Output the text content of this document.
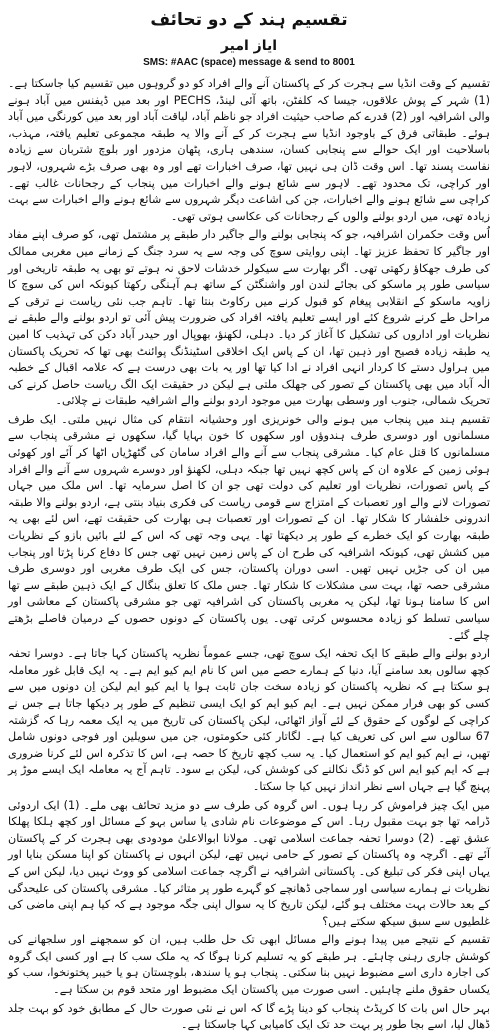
تقسیم ہند کے دو تحائف
ایاز امیر
SMS: #AAC (space) message & send to 8001

تقسیم کے وقت انڈیا سے ہجرت کر کے پاکستان آنے والے افراد کو دو گروہوں میں تقسیم کیا جاسکتا ہے۔ (1) شہر کے پوش علاقوں، جیسا کہ کلفٹن، باتھ آئی لینڈ، PECHS اور بعد میں ڈیفنس میں آباد ہونے والی اشرافیہ اور (2) قدرے کم صاحب حیثیت افراد جو ناظم آباد، لیاقت آباد اور بعد میں کورنگی میں آباد ہوئے۔ طبقاتی فرق کے باوجود انڈیا سے ہجرت کر کے آنے والا یہ طبقہ مجموعی تعلیم یافتہ، مہذب، باسلاحیت اور ایک حوالے سے پنجابی کسان، سندھی ہاری، پٹھان مزدور اور بلوچ شتربان سے زیادہ نفاست پسند تھا۔ اس وقت ڈان ہی نہیں تھا، صرف اخبارات تھے اور وہ بھی صرف بڑے شہروں، لاہور اور کراچی، تک محدود تھے۔ لاہور سے شائع ہونے والے اخبارات میں پنجاب کے رجحانات غالب تھے۔ کراچی سے شائع ہونے والے اخبارات، جن کی اشاعت دیگر شہروں سے شائع ہونے والے اخبارات سے بہت زیادہ تھی، میں اردو بولنے والوں کے رجحانات کی عکاسی ہوتی تھی۔

اُس وقت حکمران اشرافیہ، جو کہ پنجابی بولنے والے جاگیر دار طبقے پر مشتمل تھی، کو صرف اپنے مفاد اور جاگیر کا تحفظ عزیز تھا۔ اپنی روایتی سوچ کی وجہ سے یہ سرد جنگ کے زمانے میں مغربی ممالک کی طرف جھکاؤ رکھتی تھی۔ اگر بھارت سے سیکولر خدشات لاحق نہ ہوتے تو بھی یہ طبقہ تاریخی اور سیاسی طور پر ماسکو کی بجائے لندن اور واشنگٹن کے ساتھ ہم آہنگی رکھتا کیونکہ اس کی سوچ کا زاویہ ماسکو کے انقلابی پیغام کو قبول کرنے میں رکاوٹ بنتا تھا۔ تاہم جب نئی ریاست نے ترقی کے مراحل طے کرنے شروع کئے اور ایسے تعلیم یافتہ افراد کی ضرورت پیش آئی تو اردو بولنے والے طبقے نے نظریات اور اداروں کی تشکیل کا آغاز کر دیا۔ دہلی، لکھنؤ، بھوپال اور حیدر آباد دکن کی تہذیب کا امین یہ طبقہ زیادہ فصیح اور ذہین تھا، ان کے پاس ایک اخلاقی اسٹینڈنگ پوائنٹ بھی تھا کہ تحریک پاکستان میں ہراول دستے کا کردار انہی افراد نے ادا کیا تھا اور یہ بات بھی درست ہے کہ علامہ اقبال کے خطبہ الٰہ آباد میں بھی پاکستان کے تصور کی جھلک ملتی ہے لیکن در حقیقت ایک الگ ریاست حاصل کرنے کی تحریک شمالی، جنوب اور وسطی بھارت میں موجود اردو بولنے والے اشرافیہ طبقات نے چلائی۔

تقسیم ہند میں پنجاب میں ہونے والی خونریزی اور وحشیانہ انتقام کی مثال نہیں ملتی۔ ایک طرف مسلمانوں اور دوسری طرف ہندوؤں اور سکھوں کا خون بہایا گیا، سکھوں نے مشرقی پنجاب سے مسلمانوں کا قتل عام کیا۔ مشرقی پنجاب سے آنے والے افراد سامان کی گٹھڑیاں اٹھا کر آئے اور کھوئی ہوئی زمین کے علاوہ ان کے پاس کچھ نہیں تھا جبکہ دہلی، لکھنؤ اور دوسرے شہروں سے آنے والے افراد کے پاس تصورات، نظریات اور تعلیم کی دولت تھی جو ان کا اصل سرمایہ تھا۔ اس ملک میں جہاں تصورات لانے والے اور تعصبات کے امتزاج سے قومی ریاست کی فکری بنیاد بنتی ہے، اردو بولنے والا طبقہ اندرونی خلفشار کا شکار تھا۔ ان کے تصورات اور تعصبات ہی بھارت کی حقیقت تھے، اس لئے بھی یہ طبقہ بھارت کو ایک خطرے کے طور پر دیکھتا تھا۔ یہی وجہ تھی کہ اس کے لئے بائیں بازو کے نظریات میں کشش تھی، کیونکہ اشرافیہ کی طرح ان کے پاس زمین نہیں تھی جس کا دفاع کرنا پڑتا اور پنجاب میں ان کی جڑیں نہیں تھیں۔ اسی دوران پاکستان، جس کی ایک طرف مغربی اور دوسری طرف مشرقی حصہ تھا، بہت سی مشکلات کا شکار تھا۔ جس ملک کا تعلق بنگال کے ایک ذہین طبقے سے تھا اس کا سامنا ہونا تھا، لیکن یہ مغربی پاکستان کی اشرافیہ تھی جو مشرقی پاکستان کے معاشی اور سیاسی تسلط کو زیادہ محسوس کرتی تھی۔ یوں پاکستان کے دونوں حصوں کے درمیان فاصلے بڑھتے چلے گئے۔

اردو بولنے والے طبقے کا ایک تحفہ ایک سوچ تھی، جسے عموماً نظریہ پاکستان کہا جاتا ہے۔ دوسرا تحفہ کچھ سالوں بعد سامنے آیا، دنیا کے ہمارے حصے میں اس کا نام ایم کیو ایم ہے۔ یہ ایک قابل غور معاملہ ہو سکتا ہے کہ نظریہ پاکستان کو زیادہ سخت جان ثابت ہوا یا ایم کیو ایم لیکن اِن دونوں میں سے کسی کو بھی فرار ممکن نہیں ہے۔ ایم کیو ایم کو ایک ایسی تنظیم کے طور پر دیکھا جاتا ہے جس نے کراچی کے لوگوں کے حقوق کے لئے آواز اٹھائی، لیکن پاکستان کی تاریخ میں یہ ایک معمہ رہا کہ گزشتہ 67 سالوں سے اس کی تعریف کیا ہے۔ لگاتار کئی حکومتوں، جن میں سویلین اور فوجی دونوں شامل تھیں، نے ایم کیو ایم کو استعمال کیا۔ یہ سب کچھ تاریخ کا حصہ ہے، اس کا تذکرہ اس لئے کرنا ضروری ہے کہ ایم کیو ایم اس کو ڈنگ نکالنے کی کوشش کی، لیکن بے سود۔ تاہم آج یہ معاملہ ایک ایسے موڑ پر پہنچ گیا ہے جہاں اسے نظر انداز نہیں کیا جا سکتا۔

میں ایک چیز فراموش کر رہا ہوں۔ اس گروہ کی طرف سے دو مزید تحائف بھی ملے۔ (1) ایک اردوئی ڈرامہ تھا جو بہت مقبول رہا۔ اس کے موضوعات نام شادی یا ساس بہو کے مسائل اور کچھ ہلکا پھلکا عشق تھے۔ (2) دوسرا تحفہ جماعت اسلامی تھی۔ مولانا ابوالاعلیٰ مودودی بھی ہجرت کر کے پاکستان آئے تھے۔ اگرچہ وہ پاکستان کے تصور کے حامی نہیں تھے، لیکن انہوں نے پاکستان کو اپنا مسکن بنایا اور یہاں اپنی فکر کی تبلیغ کی۔ پاکستانی اشرافیہ نے اگرچہ جماعت اسلامی کو ووٹ نہیں دیا، لیکن اس کے نظریات نے ہمارے سیاسی اور سماجی ڈھانچے کو گہرے طور پر متاثر کیا۔ مشرقی پاکستان کی علیحدگی کے بعد حالات بہت مختلف ہو گئے، لیکن تاریخ کا یہ سوال اپنی جگہ موجود ہے کہ کیا ہم اپنی ماضی کی غلطیوں سے سبق سیکھ سکتے ہیں؟

تقسیم کے نتیجے میں پیدا ہونے والے مسائل ابھی تک حل طلب ہیں، ان کو سمجھنے اور سلجھانے کی کوشش جاری رہنی چاہئے۔ ہر طبقے کو یہ تسلیم کرنا ہوگا کہ یہ ملک سب کا ہے اور کسی ایک گروہ کی اجارہ داری اسے مضبوط نہیں بنا سکتی۔ پنجاب ہو یا سندھ، بلوچستان ہو یا خیبر پختونخوا، سب کو یکساں حقوق ملنے چاہئیں۔ اسی صورت میں پاکستان ایک مضبوط اور متحد قوم بن سکتا ہے۔

بہر حال اس بات کا کریڈٹ پنجاب کو دینا پڑے گا کہ اس نے نئی صورت حال کے مطابق خود کو بہت جلد ڈھال لیا، اسے بجا طور پر بہت حد تک ایک کامیابی کہا جاسکتا ہے۔
